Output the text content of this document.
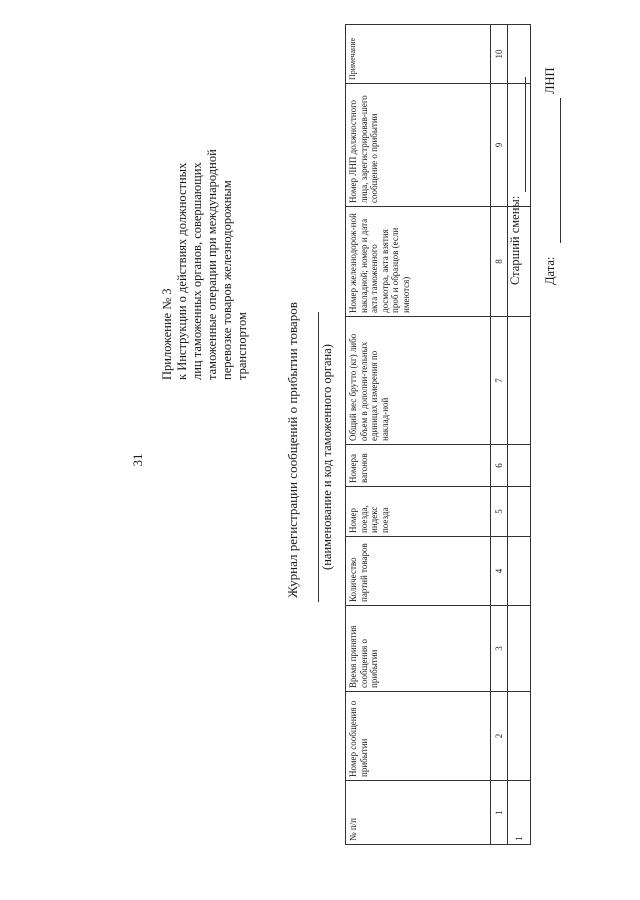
31
Приложение № 3 к Инструкции о действиях должностных лиц таможенных органов, совершающих таможенные операции при международной перевозке товаров железнодорожным транспортом	Журнал регистрации сообщений о прибытии товаров (наименование и код таможенного органа)
№ п/п	Номер сообщения о прибытии	Время принятия сообщения о прибытии	Количество партий товаров	Номер поезда, индекс поезда	Номера вагонов	Общий вес брутто (кг) либо объем в дополни-тельных единицах измерения по наклад-ной	Номер железнодорож-ной накладной; номер и дата акта таможенного досмотра, акта взятия проб и образцов (если имеются)	Номер ЛНП должностного лица, зарегистрировав-шего сообщение о прибытии	Примечание
1	2	3	4	5	6	7	8	9	10
1									
Старший смены: Дата:
ЛНП
